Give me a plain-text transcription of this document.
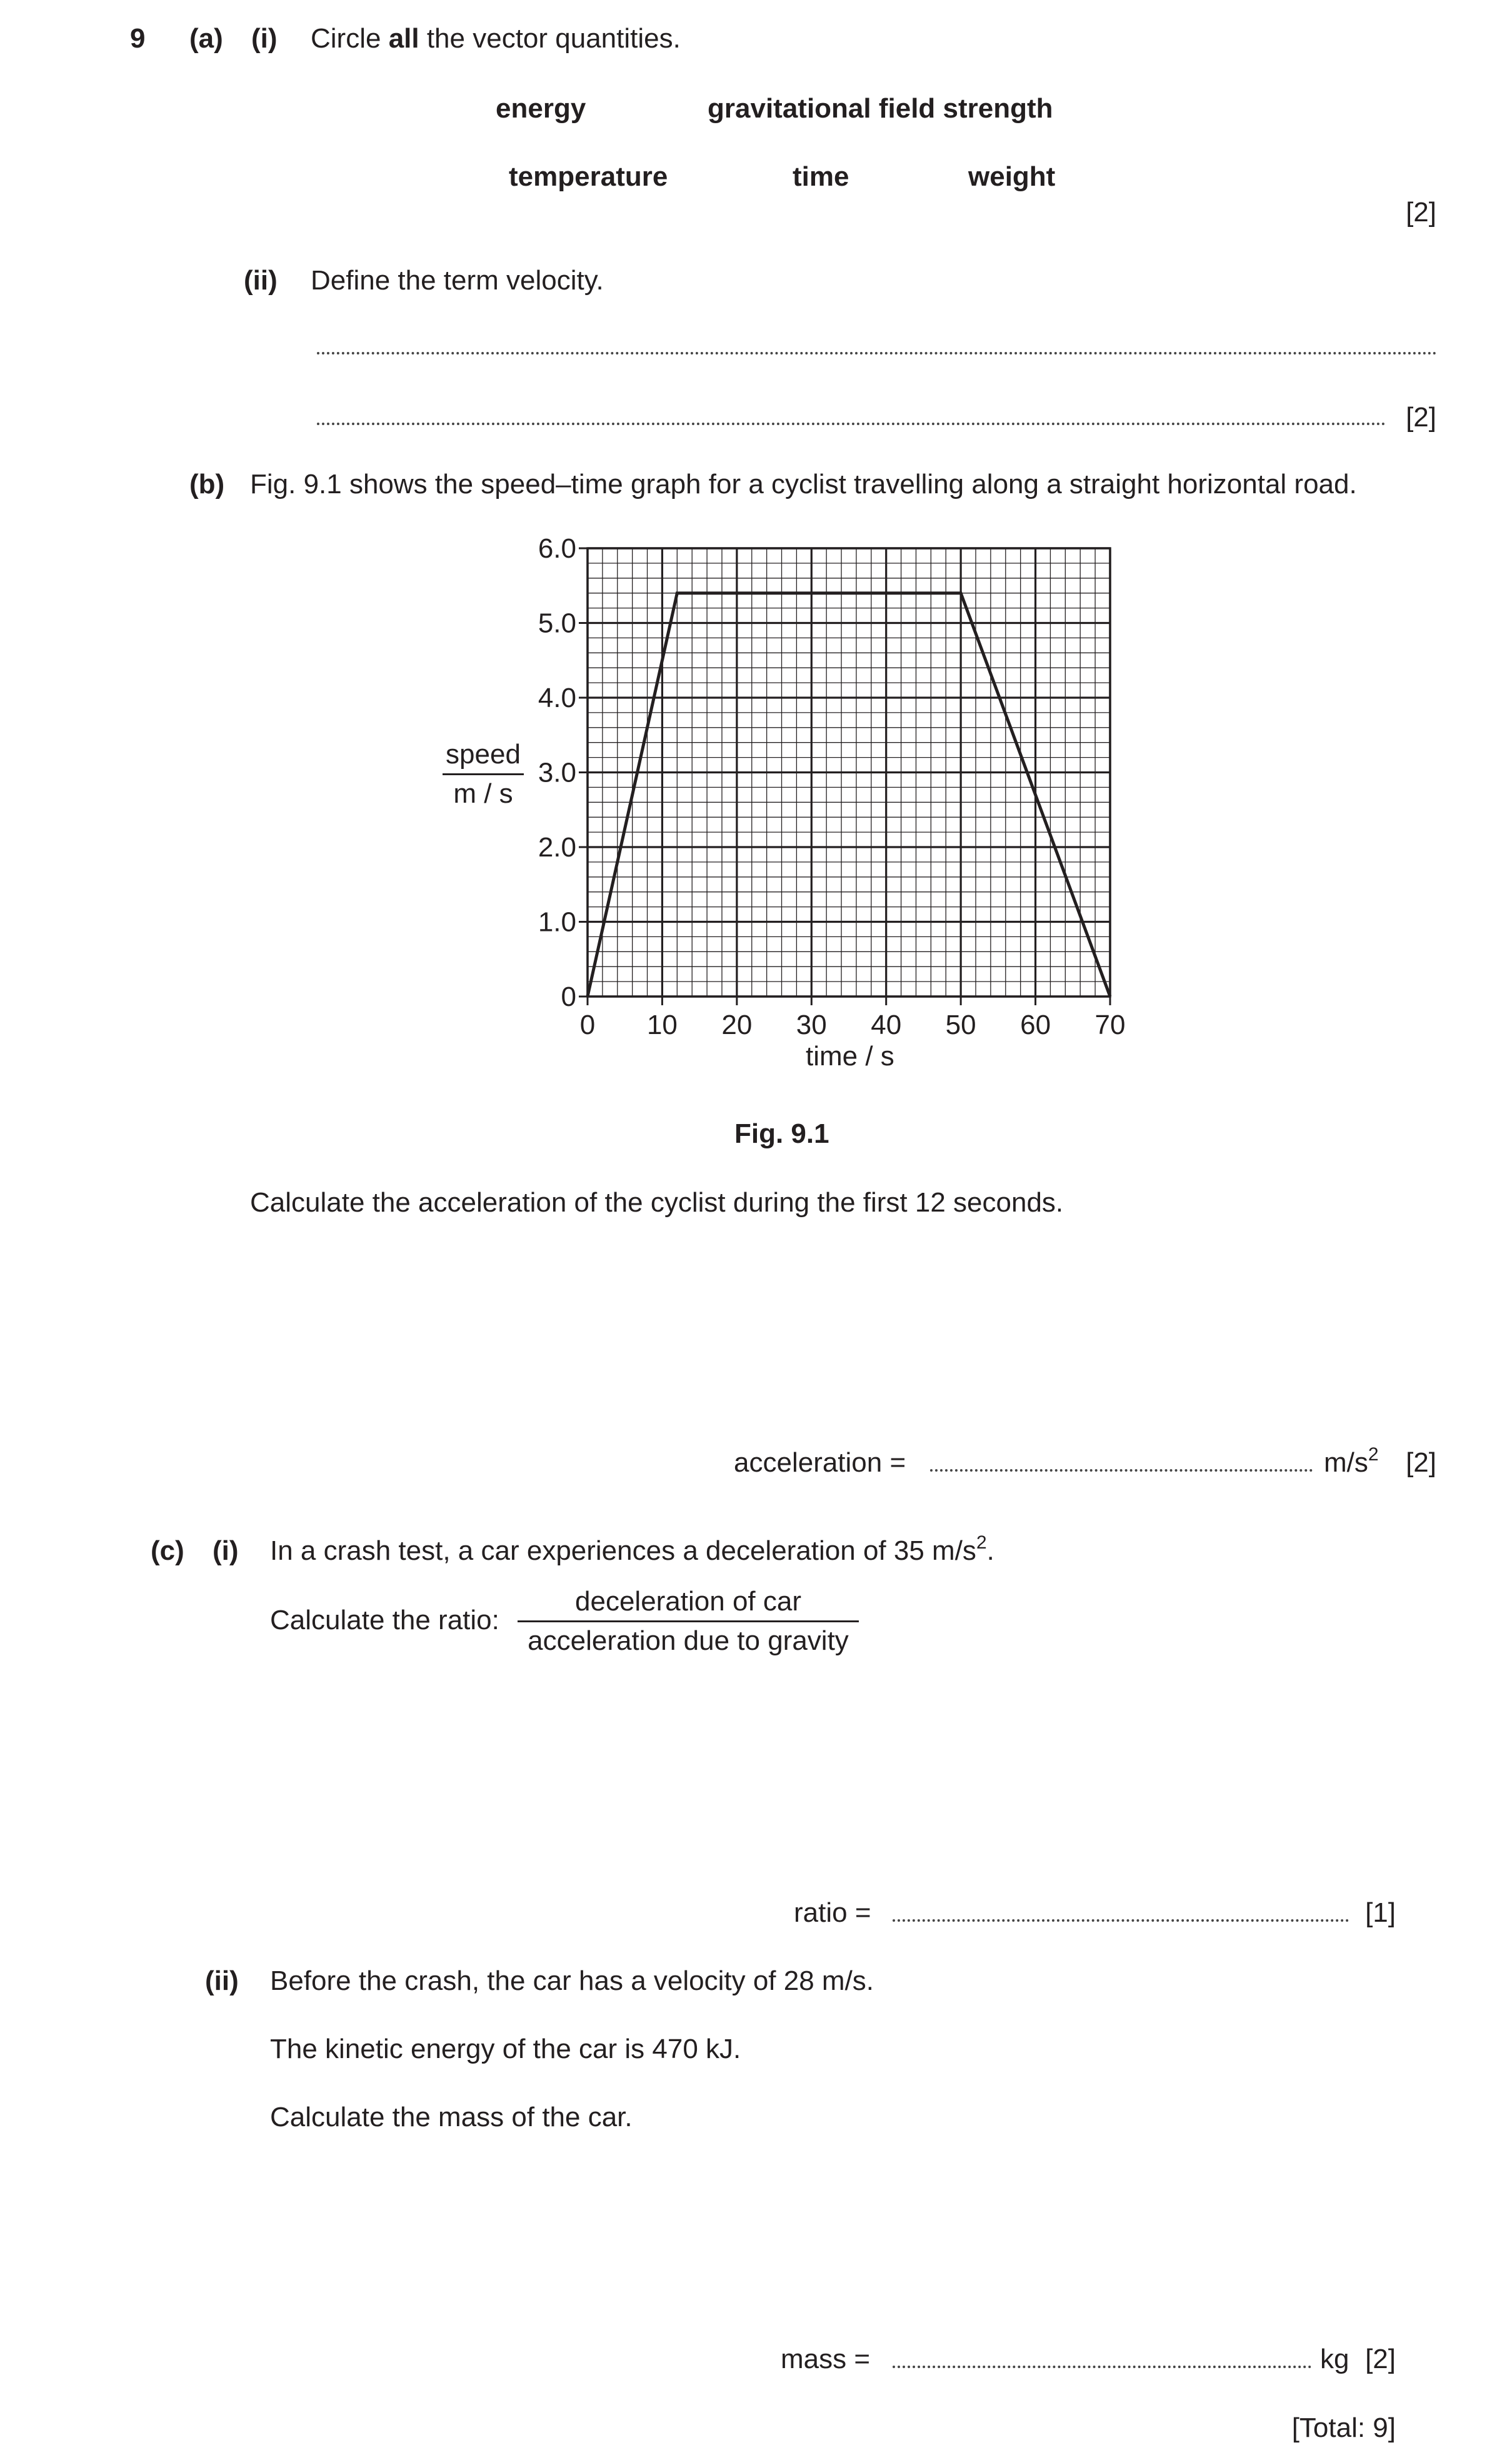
9 (a) (i) Circle all the vector quantities.
energy	gravitational field strength
temperature	time	weight
[2]
(ii) Define the term velocity.
[2]
(b) Fig. 9.1 shows the speed–time graph for a cyclist travelling along a straight horizontal road.
0 10 20 30 40 50 60 70
0
1.0
2.0
3.0
4.0
5.0
6.0
speed
m / s
time / s
Fig. 9.1
Calculate the acceleration of the cyclist during the first 12 seconds.
acceleration =	$m/s^2$ [2]
(c) (i) In a crash test, a car experiences a deceleration of 35 $m/s^2$.
Calculate the ratio:
deceleration of car
acceleration due to gravity
ratio =	[1]
(ii) Before the crash, the car has a velocity of 28 m/s.
The kinetic energy of the car is 470 kJ.
Calculate the mass of the car.
mass =	kg [2]
[Total: 9]
